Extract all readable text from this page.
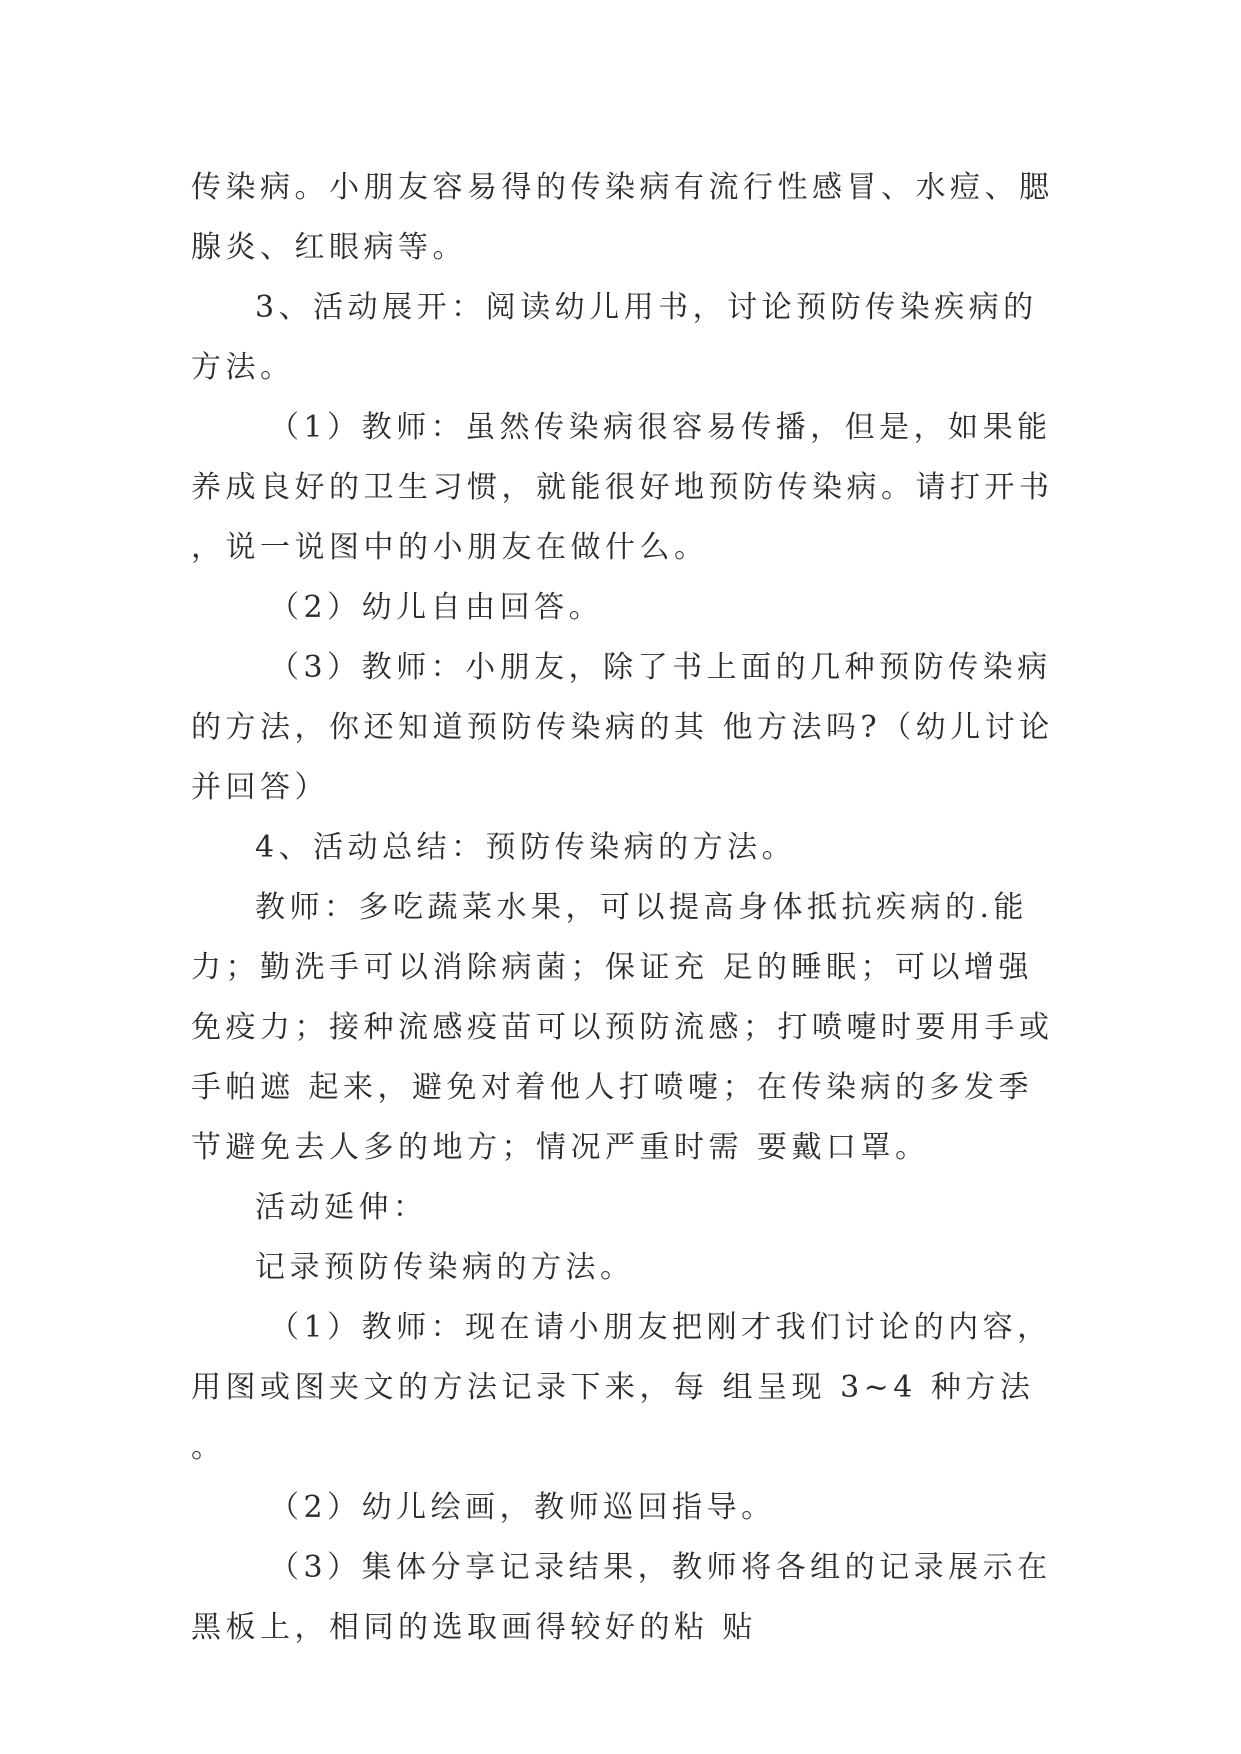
传染病。小朋友容易得的传染病有流行性感冒、水痘、腮腺炎、红眼病等。

3、活动展开：阅读幼儿用书，讨论预防传染疾病的方法。

（1）教师：虽然传染病很容易传播，但是，如果能养成良好的卫生习惯，就能很好地预防传染病。请打开书，说一说图中的小朋友在做什么。

（2）幼儿自由回答。

（3）教师：小朋友，除了书上面的几种预防传染病的方法，你还知道预防传染病的其 他方法吗?（幼儿讨论并回答）

4、活动总结：预防传染病的方法。

教师：多吃蔬菜水果，可以提高身体抵抗疾病的.能力；勤洗手可以消除病菌；保证充 足的睡眠；可以增强免疫力；接种流感疫苗可以预防流感；打喷嚏时要用手或手帕遮 起来，避免对着他人打喷嚏；在传染病的多发季节避免去人多的地方；情况严重时需 要戴口罩。

活动延伸：

记录预防传染病的方法。

（1）教师：现在请小朋友把刚才我们讨论的内容，用图或图夹文的方法记录下来，每 组呈现 3~4 种方法。

（2）幼儿绘画，教师巡回指导。

（3）集体分享记录结果，教师将各组的记录展示在黑板上，相同的选取画得较好的粘 贴
